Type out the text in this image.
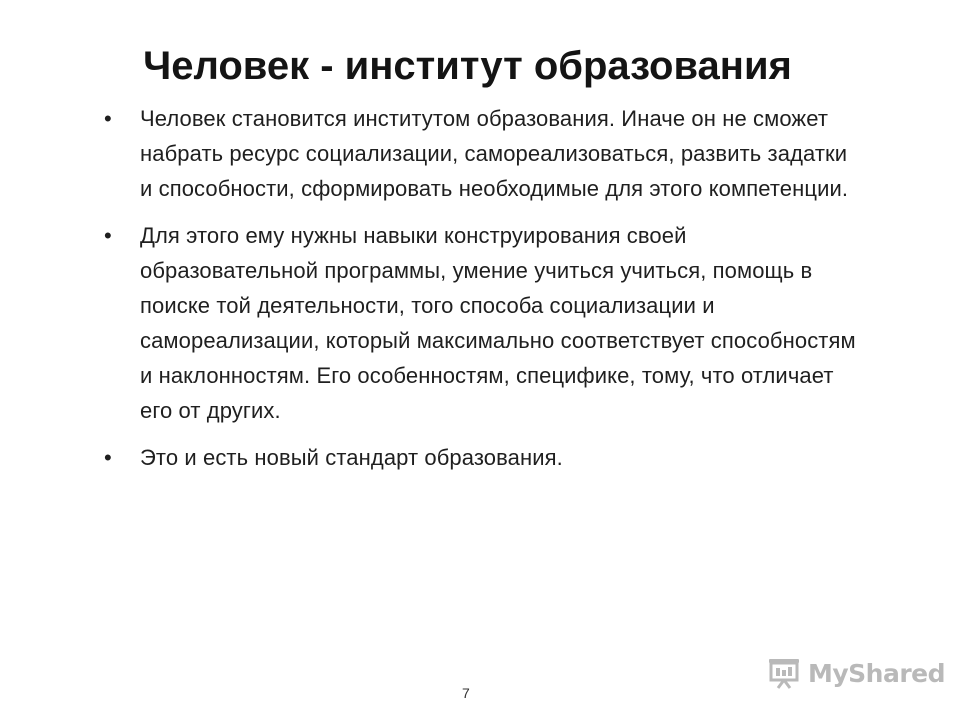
Человек - институт образования
• Человек становится институтом образования. Иначе он не сможет набрать ресурс социализации, самореализоваться, развить задатки и способности, сформировать необходимые для этого компетенции.
• Для этого ему нужны навыки конструирования своей образовательной программы, умение учиться учиться, помощь в поиске той деятельности, того способа социализации и самореализации, который максимально соответствует способностям и наклонностям. Его особенностям, специфике, тому, что отличает его от других.
• Это и есть новый стандарт образования.
7
MyShared
